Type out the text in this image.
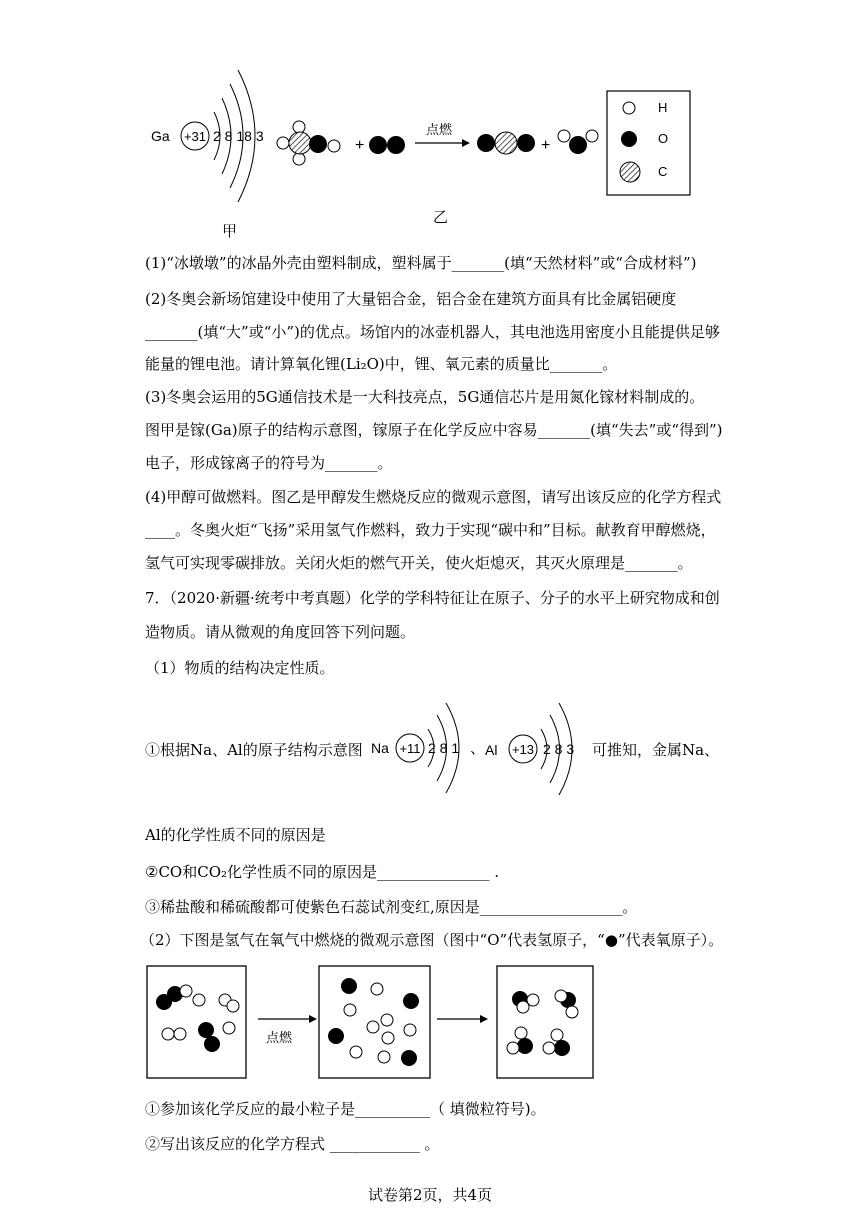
Ga +31 2 8 18 3
甲
+
点燃
+
乙
H
O
C
(1)“冰墩墩”的冰晶外壳由塑料制成，塑料属于_______(填“天然材料”或“合成材料”)
(2)冬奥会新场馆建设中使用了大量铝合金，铝合金在建筑方面具有比金属铝硬度
_______(填“大”或“小”)的优点。场馆内的冰壶机器人，其电池选用密度小且能提供足够
能量的锂电池。请计算氧化锂(Li₂O)中，锂、氧元素的质量比_______。
(3)冬奥会运用的5G通信技术是一大科技亮点，5G通信芯片是用氮化镓材料制成的。
图甲是镓(Ga)原子的结构示意图，镓原子在化学反应中容易_______(填“失去”或“得到”)
电子，形成镓离子的符号为_______。
(4)甲醇可做燃料。图乙是甲醇发生燃烧反应的微观示意图，请写出该反应的化学方程式
____。冬奥火炬“飞扬”采用氢气作燃料，致力于实现“碳中和”目标。献教育甲醇燃烧，
氢气可实现零碳排放。关闭火炬的燃气开关，使火炬熄灭，其灭火原理是_______。
7．（2020·新疆·统考中考真题）化学的学科特征让在原子、分子的水平上研究物成和创
造物质。请从微观的角度回答下列问题。
（1）物质的结构决定性质。
①根据Na、Al的原子结构示意图 Na +11 2 8 1 、 Al +13 2 8 3 可推知，金属Na、
Al的化学性质不同的原因是
②CO和CO₂化学性质不同的原因是_______________ .
③稀盐酸和稀硫酸都可使紫色石蕊试剂变红,原因是___________________。
（2）下图是氢气在氧气中燃烧的微观示意图（图中“O”代表氢原子，“●”代表氧原子）。
点燃
①参加该化学反应的最小粒子是__________（ 填微粒符号)。
②写出该反应的化学方程式 ____________ 。
试卷第2页，共4页
